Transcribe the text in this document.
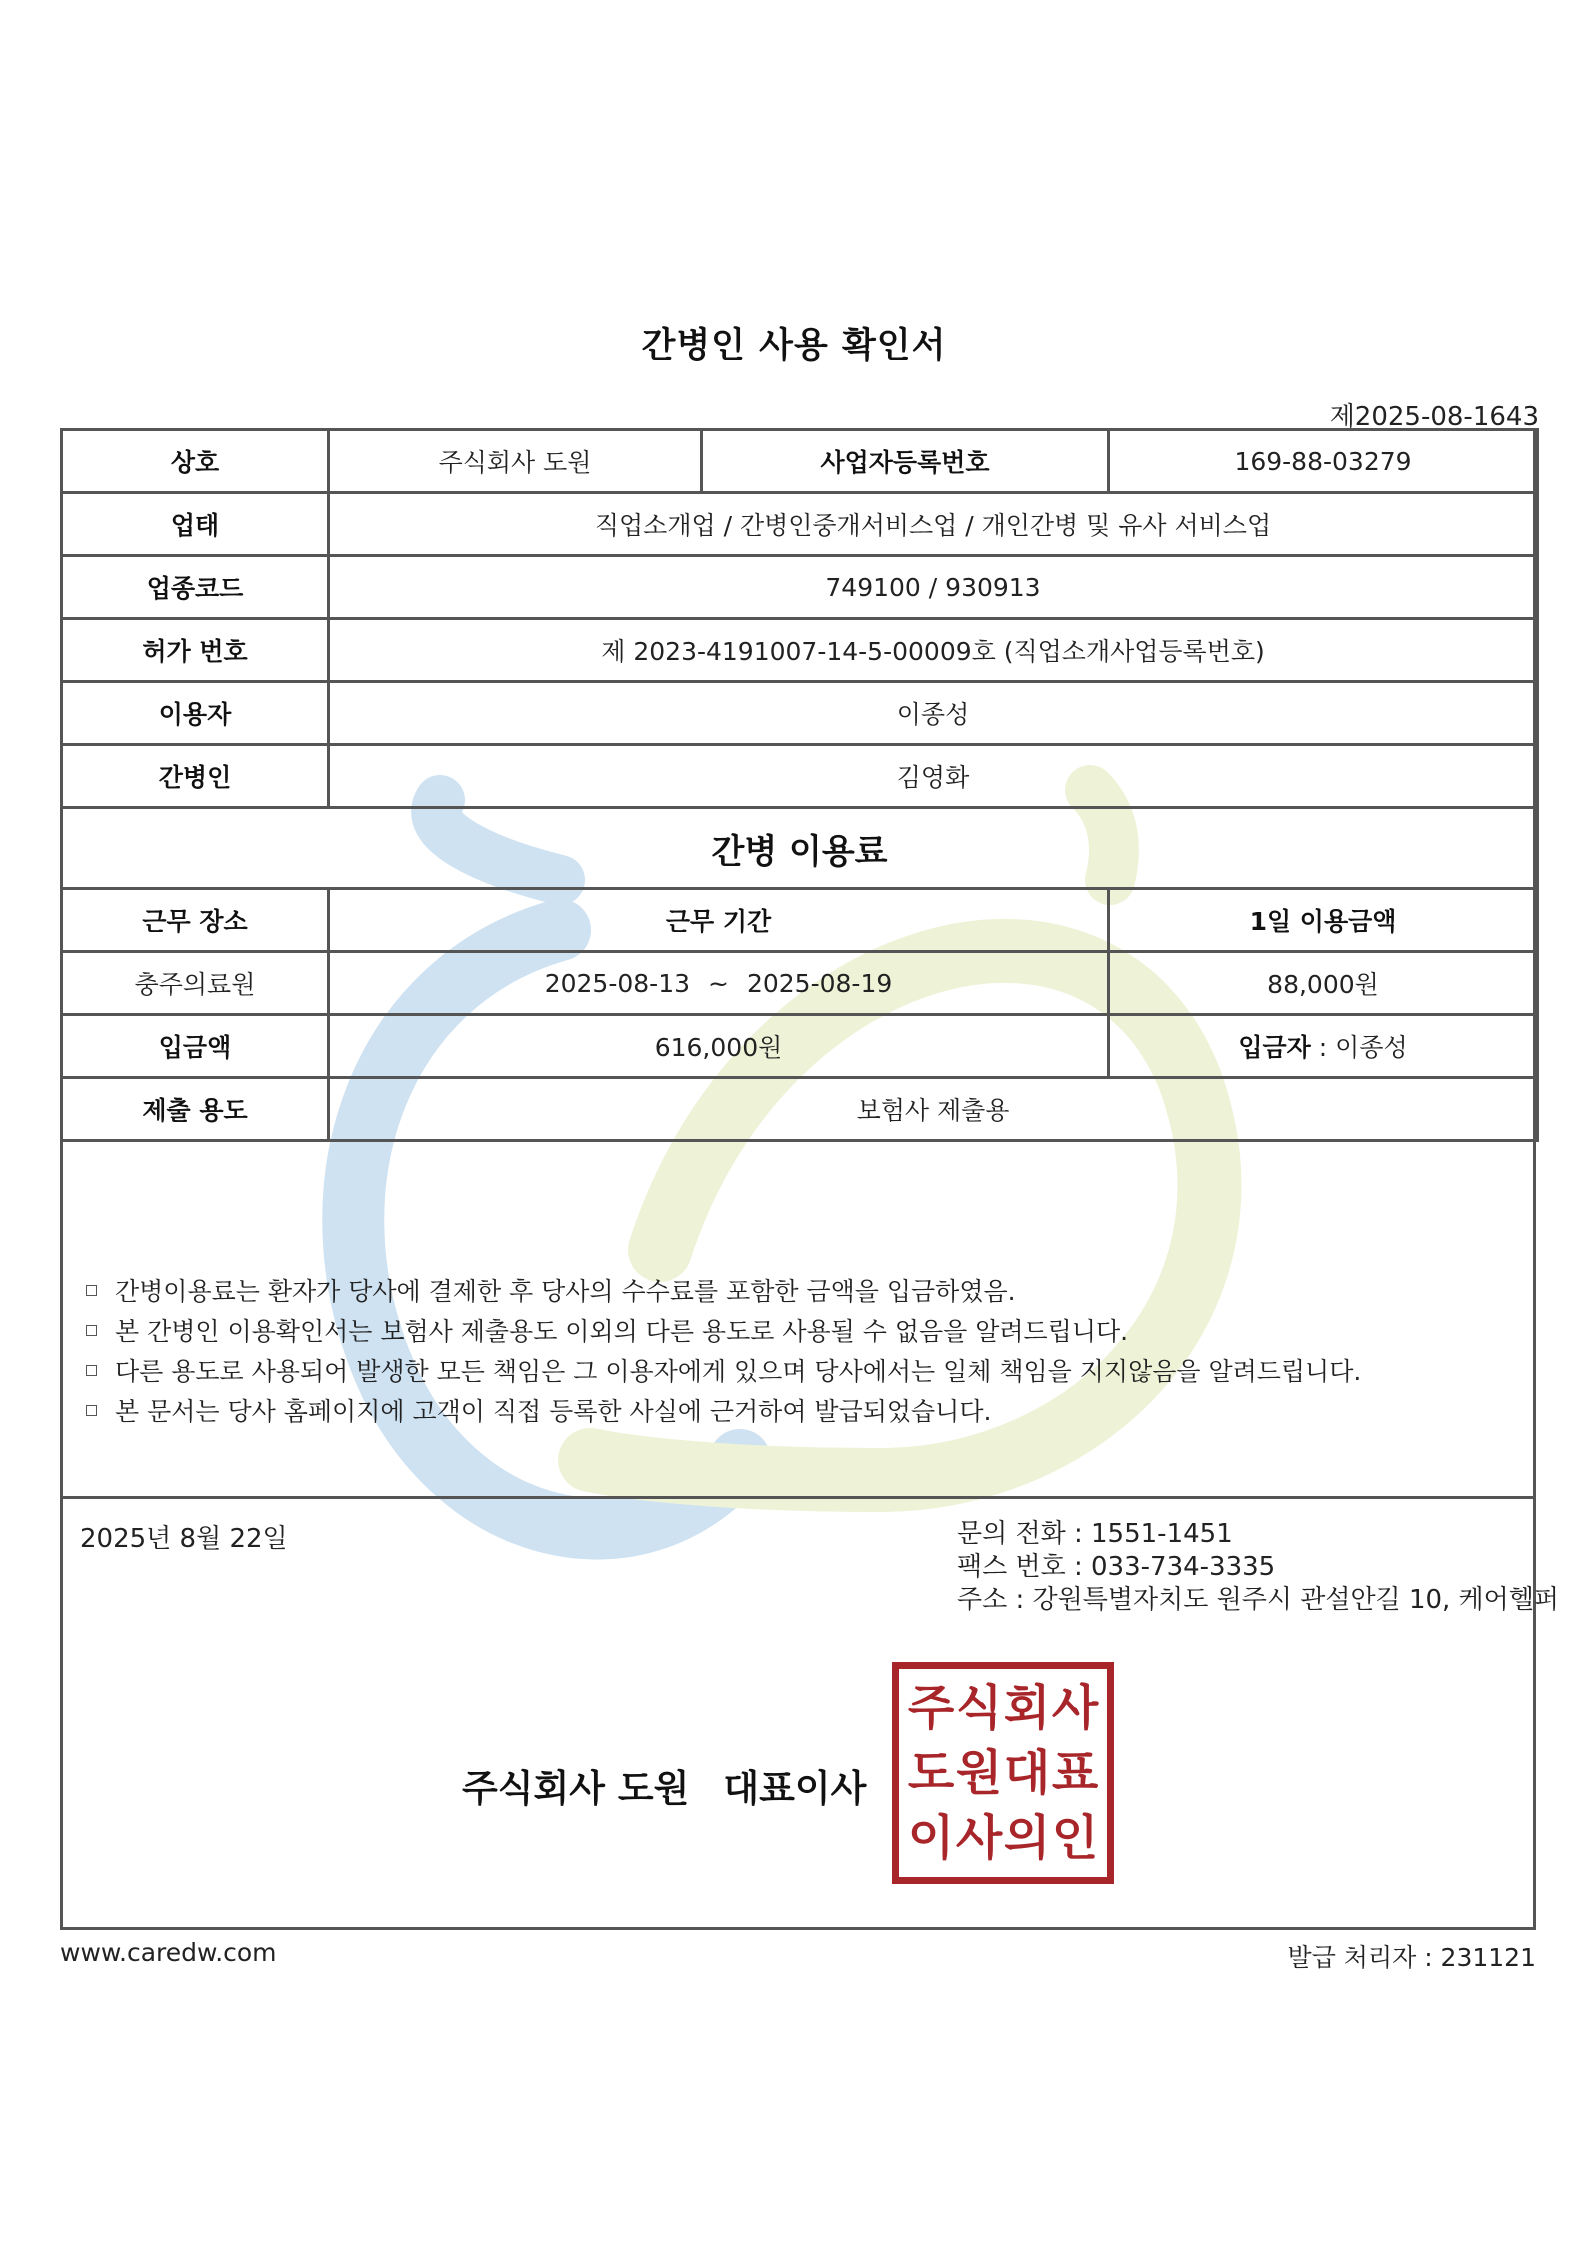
간병인 사용 확인서
제2025-08-1643
상호	주식회사 도원	사업자등록번호	169-88-03279
업태	직업소개업 / 간병인중개서비스업 / 개인간병 및 유사 서비스업		
업종코드	749100 / 930913		
허가 번호	제 2023-4191007-14-5-00009호 (직업소개사업등록번호)		
이용자	이종성		
간병인	김영화		
간병 이용료			
근무 장소	근무 기간		1일 이용금액
충주의료원	2025-08-13 ~ 2025-08-19		88,000원
입금액	616,000원		입금자 : 이종성
제출 용도	보험사 제출용		
간병이용료는 환자가 당사에 결제한 후 당사의 수수료를 포함한 금액을 입금하였음.
본 간병인 이용확인서는 보험사 제출용도 이외의 다른 용도로 사용될 수 없음을 알려드립니다.
다른 용도로 사용되어 발생한 모든 책임은 그 이용자에게 있으며 당사에서는 일체 책임을 지지않음을 알려드립니다.
본 문서는 당사 홈페이지에 고객이 직접 등록한 사실에 근거하여 발급되었습니다.
2025년 8월 22일	문의 전화 : 1551-1451
팩스 번호 : 033-734-3335
주소 : 강원특별자치도 원주시 관설안길 10, 케어헬퍼
주식회사 도원 대표이사
주 식 회 사
도 원 대 표
이 사 의 인
www.caredw.com	발급 처리자 : 231121
